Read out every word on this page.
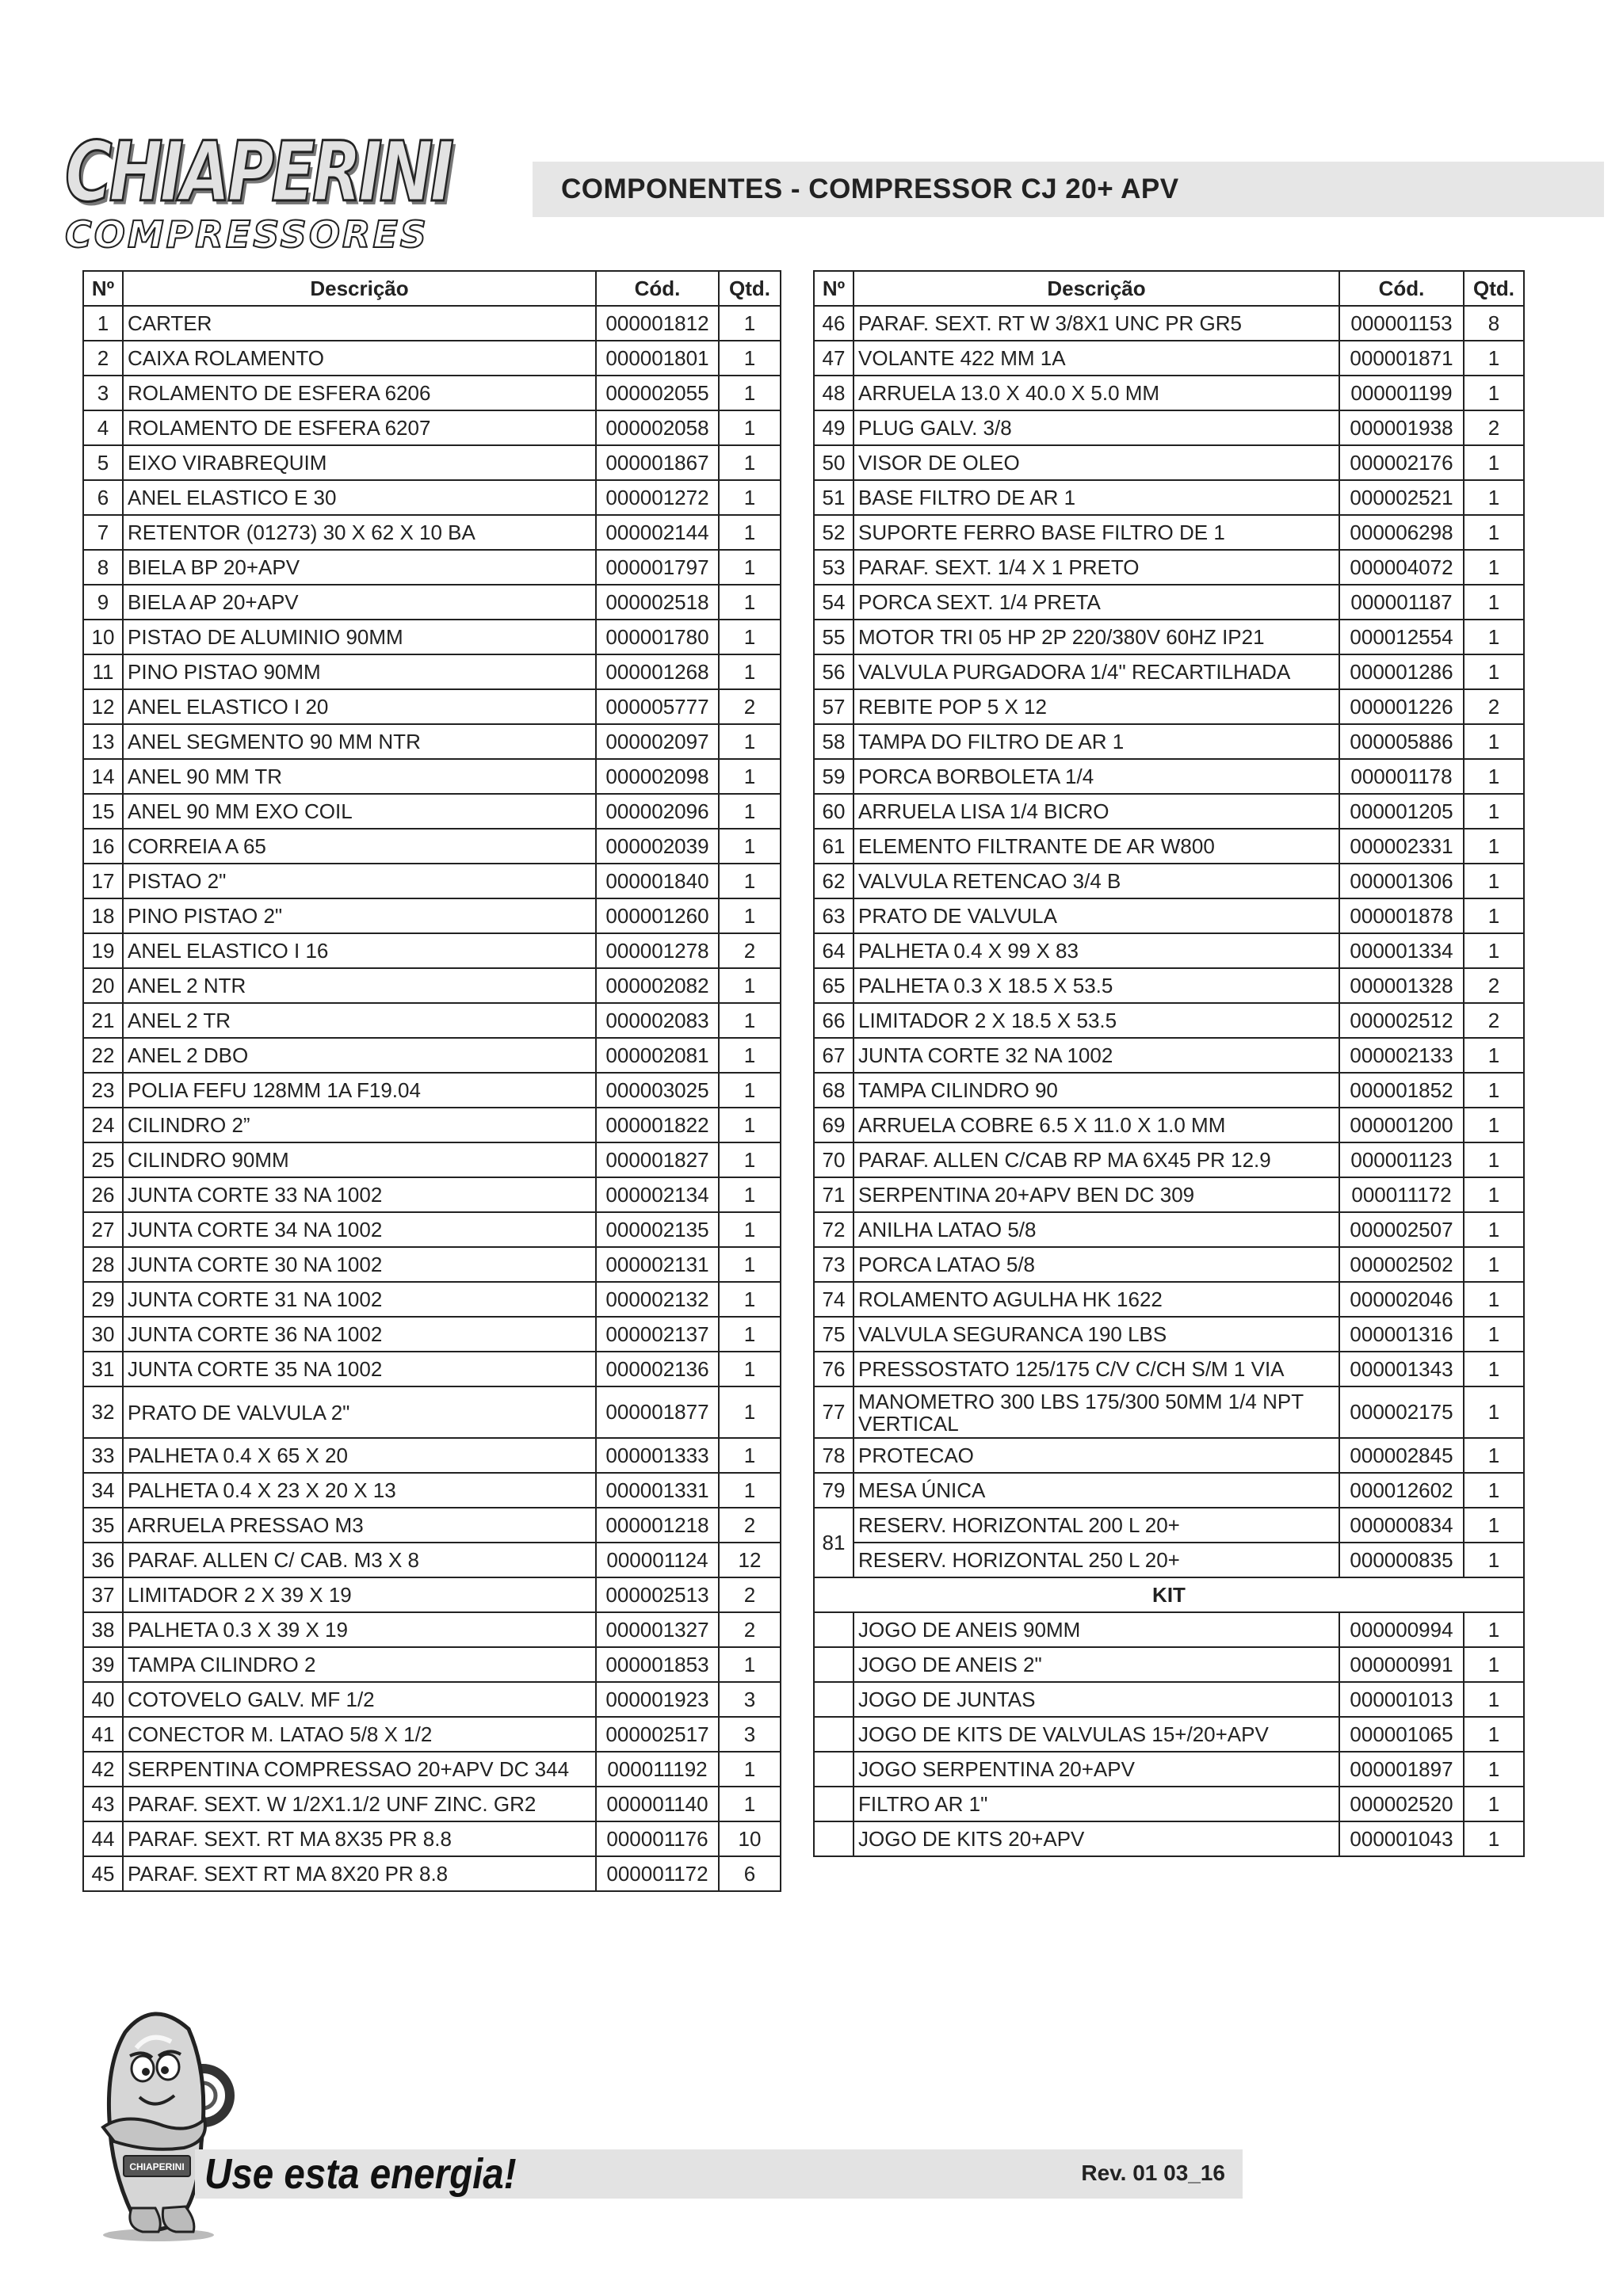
CHIAPERINI
COMPRESSORES
COMPONENTES - COMPRESSOR CJ 20+ APV
Nº	Descrição	Cód.	Qtd.
1	CARTER	000001812	1
2	CAIXA ROLAMENTO	000001801	1
3	ROLAMENTO DE ESFERA 6206	000002055	1
4	ROLAMENTO DE ESFERA 6207	000002058	1
5	EIXO VIRABREQUIM	000001867	1
6	ANEL ELASTICO E 30	000001272	1
7	RETENTOR (01273) 30 X 62 X 10 BA	000002144	1
8	BIELA BP 20+APV	000001797	1
9	BIELA AP 20+APV	000002518	1
10	PISTAO DE ALUMINIO 90MM	000001780	1
11	PINO PISTAO 90MM	000001268	1
12	ANEL ELASTICO I 20	000005777	2
13	ANEL SEGMENTO 90 MM NTR	000002097	1
14	ANEL 90 MM TR	000002098	1
15	ANEL 90 MM EXO COIL	000002096	1
16	CORREIA A 65	000002039	1
17	PISTAO 2"	000001840	1
18	PINO PISTAO 2"	000001260	1
19	ANEL ELASTICO I 16	000001278	2
20	ANEL 2 NTR	000002082	1
21	ANEL 2 TR	000002083	1
22	ANEL 2 DBO	000002081	1
23	POLIA FEFU 128MM 1A F19.04	000003025	1
24	CILINDRO 2”	000001822	1
25	CILINDRO 90MM	000001827	1
26	JUNTA CORTE 33 NA 1002	000002134	1
27	JUNTA CORTE 34 NA 1002	000002135	1
28	JUNTA CORTE 30 NA 1002	000002131	1
29	JUNTA CORTE 31 NA 1002	000002132	1
30	JUNTA CORTE 36 NA 1002	000002137	1
31	JUNTA CORTE 35 NA 1002	000002136	1
32	PRATO DE VALVULA 2"	000001877	1
33	PALHETA 0.4 X 65 X 20	000001333	1
34	PALHETA 0.4 X 23 X 20 X 13	000001331	1
35	ARRUELA PRESSAO M3	000001218	2
36	PARAF. ALLEN C/ CAB. M3 X 8	000001124	12
37	LIMITADOR 2 X 39 X 19	000002513	2
38	PALHETA 0.3 X 39 X 19	000001327	2
39	TAMPA CILINDRO 2	000001853	1
40	COTOVELO GALV. MF 1/2	000001923	3
41	CONECTOR M. LATAO 5/8 X 1/2	000002517	3
42	SERPENTINA COMPRESSAO 20+APV DC 344	000011192	1
43	PARAF. SEXT. W 1/2X1.1/2 UNF ZINC. GR2	000001140	1
44	PARAF. SEXT. RT MA 8X35 PR 8.8	000001176	10
45	PARAF. SEXT RT MA 8X20 PR 8.8	000001172	6
Nº	Descrição	Cód.	Qtd.
46	PARAF. SEXT. RT W 3/8X1 UNC PR GR5	000001153	8
47	VOLANTE 422 MM 1A	000001871	1
48	ARRUELA 13.0 X 40.0 X 5.0 MM	000001199	1
49	PLUG GALV. 3/8	000001938	2
50	VISOR DE OLEO	000002176	1
51	BASE FILTRO DE AR 1	000002521	1
52	SUPORTE FERRO BASE FILTRO DE 1	000006298	1
53	PARAF. SEXT. 1/4 X 1 PRETO	000004072	1
54	PORCA SEXT. 1/4 PRETA	000001187	1
55	MOTOR TRI 05 HP 2P 220/380V 60HZ IP21	000012554	1
56	VALVULA PURGADORA 1/4" RECARTILHADA	000001286	1
57	REBITE POP 5 X 12	000001226	2
58	TAMPA DO FILTRO DE AR 1	000005886	1
59	PORCA BORBOLETA 1/4	000001178	1
60	ARRUELA LISA 1/4 BICRO	000001205	1
61	ELEMENTO FILTRANTE DE AR W800	000002331	1
62	VALVULA RETENCAO 3/4 B	000001306	1
63	PRATO DE VALVULA	000001878	1
64	PALHETA 0.4 X 99 X 83	000001334	1
65	PALHETA 0.3 X 18.5 X 53.5	000001328	2
66	LIMITADOR 2 X 18.5 X 53.5	000002512	2
67	JUNTA CORTE 32 NA 1002	000002133	1
68	TAMPA CILINDRO 90	000001852	1
69	ARRUELA COBRE 6.5 X 11.0 X 1.0 MM	000001200	1
70	PARAF. ALLEN C/CAB RP MA 6X45 PR 12.9	000001123	1
71	SERPENTINA 20+APV BEN DC 309	000011172	1
72	ANILHA LATAO 5/8	000002507	1
73	PORCA LATAO 5/8	000002502	1
74	ROLAMENTO AGULHA HK 1622	000002046	1
75	VALVULA SEGURANCA 190 LBS	000001316	1
76	PRESSOSTATO 125/175 C/V C/CH S/M 1 VIA	000001343	1
77	MANOMETRO 300 LBS 175/300 50MM 1/4 NPT VERTICAL	000002175	1
78	PROTECAO	000002845	1
79	MESA ÚNICA	000012602	1
81	RESERV. HORIZONTAL 200 L 20+	000000834	1
	RESERV. HORIZONTAL 250 L 20+	000000835	1
KIT			
	JOGO DE ANEIS 90MM	000000994	1
	JOGO DE ANEIS 2"	000000991	1
	JOGO DE JUNTAS	000001013	1
	JOGO DE KITS DE VALVULAS 15+/20+APV	000001065	1
	JOGO SERPENTINA 20+APV	000001897	1
	FILTRO AR 1"	000002520	1
	JOGO DE KITS 20+APV	000001043	1
CHIAPERINI Use esta energia!	Rev. 01 03_16
